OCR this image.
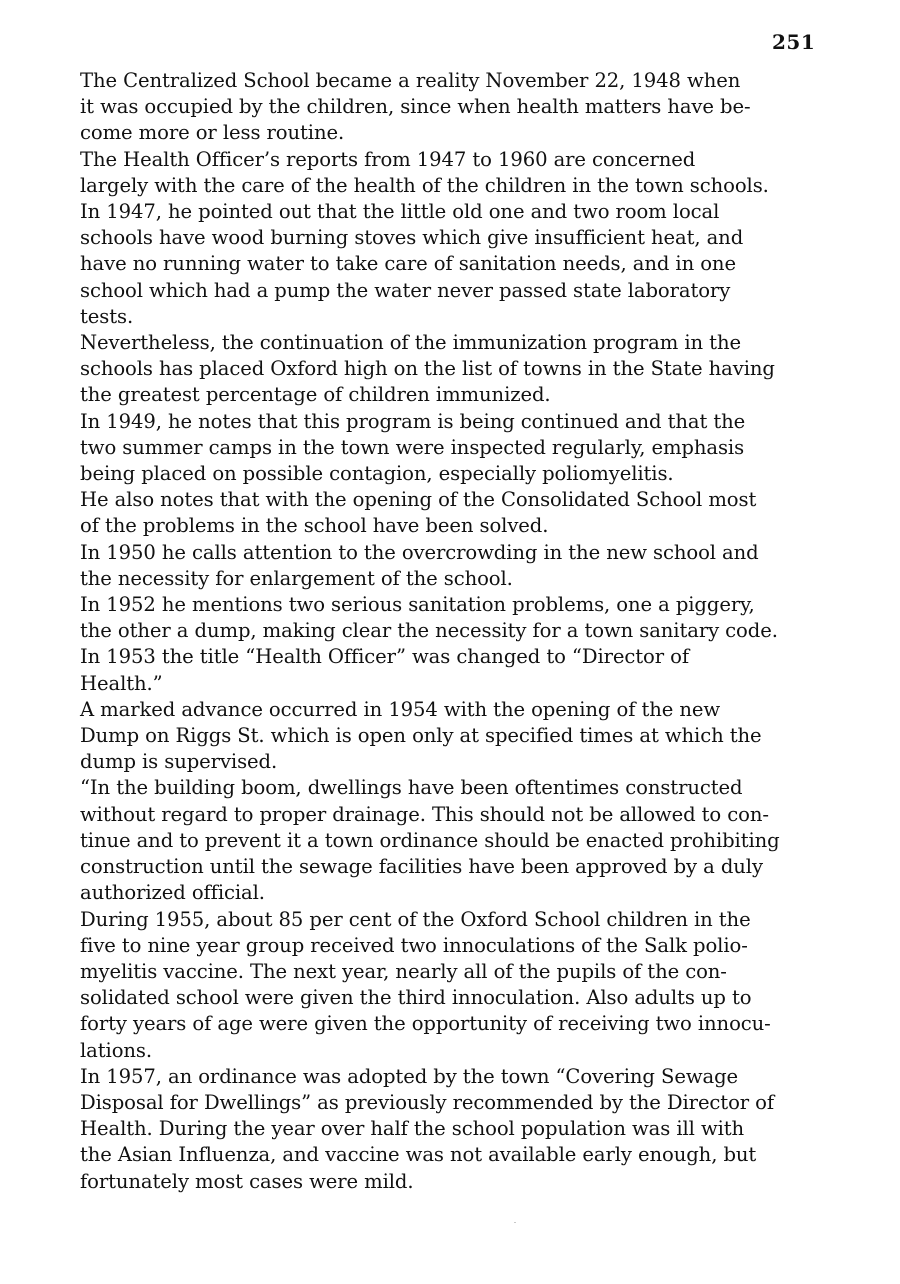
251

The Centralized School became a reality November 22, 1948 when
it was occupied by the children, since when health matters have be-
come more or less routine.

The Health Officer’s reports from 1947 to 1960 are concerned
largely with the care of the health of the children in the town schools.
In 1947, he pointed out that the little old one and two room local
schools have wood burning stoves which give insufficient heat, and
have no running water to take care of sanitation needs, and in one
school which had a pump the water never passed state laboratory
tests.

Nevertheless, the continuation of the immunization program in the
schools has placed Oxford high on the list of towns in the State having
the greatest percentage of children immunized.

In 1949, he notes that this program is being continued and that the
two summer camps in the town were inspected regularly, emphasis
being placed on possible contagion, especially poliomyelitis.

He also notes that with the opening of the Consolidated School most
of the problems in the school have been solved.

In 1950 he calls attention to the overcrowding in the new school and
the necessity for enlargement of the school.

In 1952 he mentions two serious sanitation problems, one a piggery,
the other a dump, making clear the necessity for a town sanitary code.

In 1953 the title “Health Officer” was changed to “Director of
Health.”

A marked advance occurred in 1954 with the opening of the new
Dump on Riggs St. which is open only at specified times at which the
dump is supervised.

“In the building boom, dwellings have been oftentimes constructed
without regard to proper drainage. This should not be allowed to con-
tinue and to prevent it a town ordinance should be enacted prohibiting
construction until the sewage facilities have been approved by a duly
authorized official.

During 1955, about 85 per cent of the Oxford School children in the
five to nine year group received two innoculations of the Salk polio-
myelitis vaccine. The next year, nearly all of the pupils of the con-
solidated school were given the third innoculation. Also adults up to
forty years of age were given the opportunity of receiving two innocu-
lations.

In 1957, an ordinance was adopted by the town “Covering Sewage
Disposal for Dwellings” as previously recommended by the Director of
Health. During the year over half the school population was ill with
the Asian Influenza, and vaccine was not available early enough, but
fortunately most cases were mild.
